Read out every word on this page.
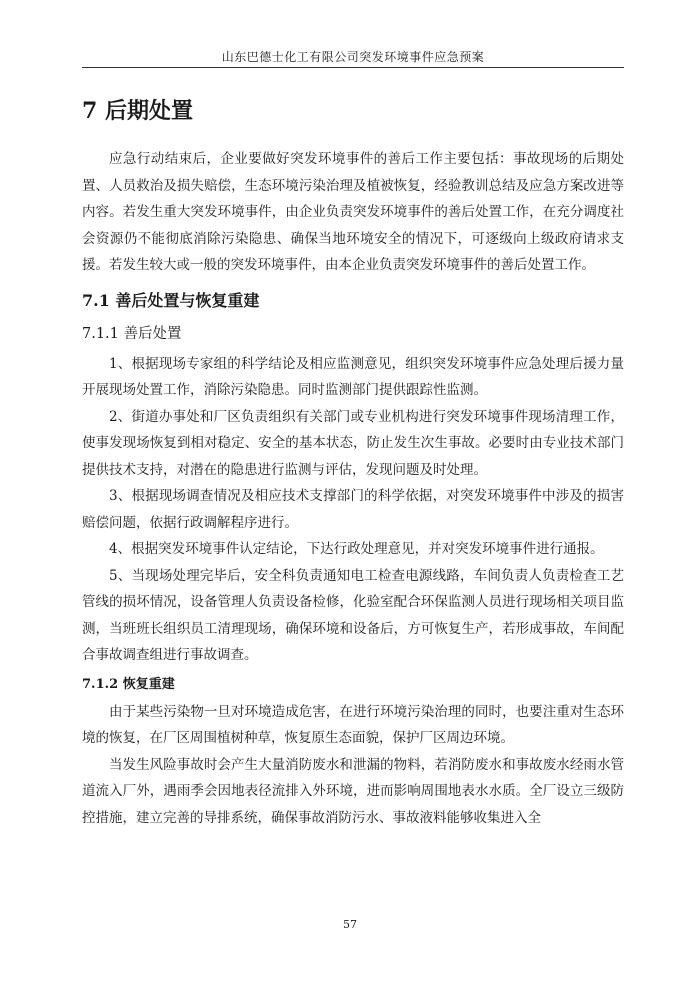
山东巴德士化工有限公司突发环境事件应急预案
7 后期处置

应急行动结束后，企业要做好突发环境事件的善后工作主要包括：事故现场的后期处置、人员救治及损失赔偿，生态环境污染治理及植被恢复，经验教训总结及应急方案改进等内容。若发生重大突发环境事件，由企业负责突发环境事件的善后处置工作，在充分调度社会资源仍不能彻底消除污染隐患、确保当地环境安全的情况下，可逐级向上级政府请求支援。若发生较大或一般的突发环境事件，由本企业负责突发环境事件的善后处置工作。

7.1 善后处置与恢复重建
7.1.1 善后处置

1、根据现场专家组的科学结论及相应监测意见，组织突发环境事件应急处理后援力量开展现场处置工作，消除污染隐患。同时监测部门提供跟踪性监测。

2、街道办事处和厂区负责组织有关部门或专业机构进行突发环境事件现场清理工作，使事发现场恢复到相对稳定、安全的基本状态，防止发生次生事故。必要时由专业技术部门提供技术支持，对潜在的隐患进行监测与评估，发现问题及时处理。

3、根据现场调查情况及相应技术支撑部门的科学依据，对突发环境事件中涉及的损害赔偿问题，依据行政调解程序进行。

4、根据突发环境事件认定结论，下达行政处理意见，并对突发环境事件进行通报。

5、当现场处理完毕后，安全科负责通知电工检查电源线路，车间负责人负责检查工艺管线的损坏情况，设备管理人负责设备检修，化验室配合环保监测人员进行现场相关项目监测，当班班长组织员工清理现场，确保环境和设备后，方可恢复生产，若形成事故，车间配合事故调查组进行事故调查。

7.1.2 恢复重建

由于某些污染物一旦对环境造成危害，在进行环境污染治理的同时，也要注重对生态环境的恢复，在厂区周围植树种草，恢复原生态面貌，保护厂区周边环境。

当发生风险事故时会产生大量消防废水和泄漏的物料，若消防废水和事故废水经雨水管道流入厂外，遇雨季会因地表径流排入外环境，进而影响周围地表水水质。全厂设立三级防控措施，建立完善的导排系统，确保事故消防污水、事故液料能够收集进入全

57
